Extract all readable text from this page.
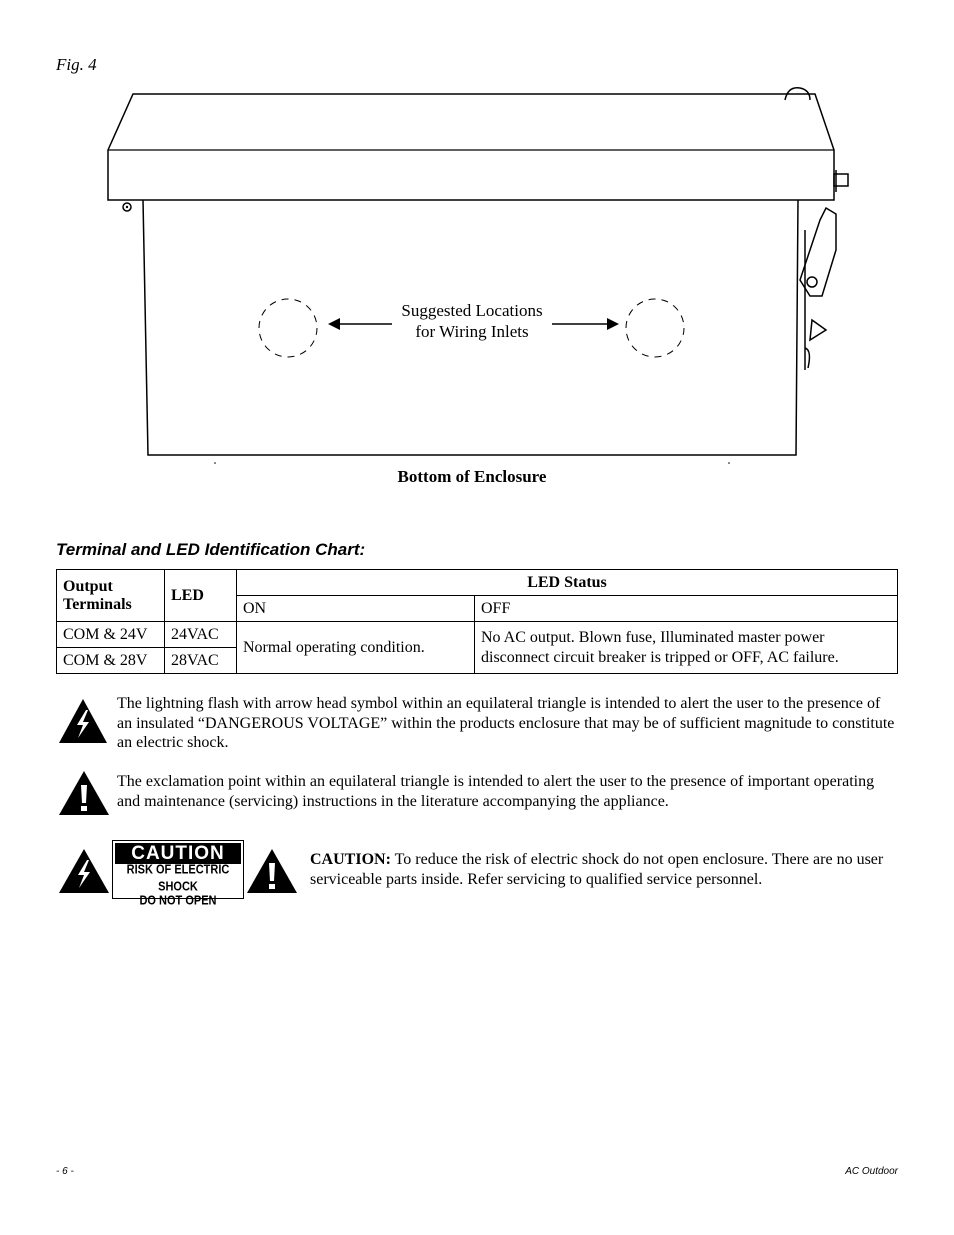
Fig. 4
Suggested Locations
for Wiring Inlets
Bottom of Enclosure
Terminal and LED Identification Chart:
Output Terminals	LED	LED Status	
		ON	OFF
COM & 24V	24VAC	Normal operating condition.	No AC output. Blown fuse, Illuminated master power disconnect circuit breaker is tripped or OFF, AC failure.
COM & 28V	28VAC		
The lightning flash with arrow head symbol within an equilateral triangle is intended to alert the user to the presence of an insulated “DANGEROUS VOLTAGE” within the products enclosure that may be of sufficient magnitude to constitute an electric shock.
The exclamation point within an equilateral triangle is intended to alert the user to the presence of important operating and maintenance (servicing) instructions in the literature accompanying the appliance.
CAUTION
RISK OF ELECTRIC SHOCK
DO NOT OPEN
CAUTION: To reduce the risk of electric shock do not open enclosure. There are no user serviceable parts inside. Refer servicing to qualified service personnel.
- 6 -	AC Outdoor
